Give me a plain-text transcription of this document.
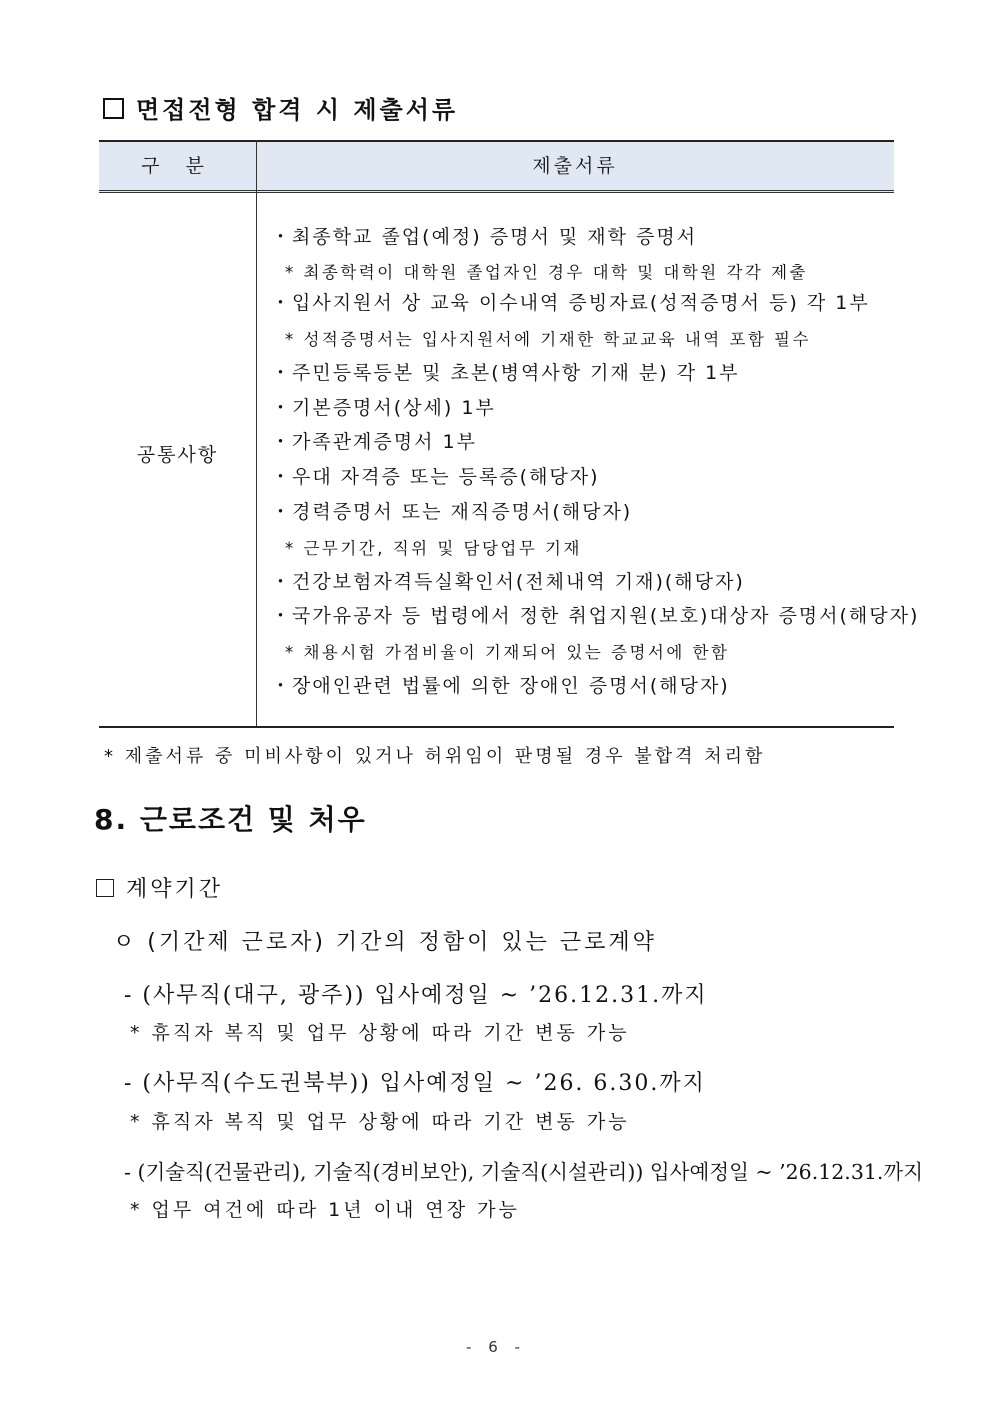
면접전형 합격 시 제출서류
구 분	제출서류
공통사항
・최종학교 졸업(예정) 증명서 및 재학 증명서
* 최종학력이 대학원 졸업자인 경우 대학 및 대학원 각각 제출
・입사지원서 상 교육 이수내역 증빙자료(성적증명서 등) 각 1부
* 성적증명서는 입사지원서에 기재한 학교교육 내역 포함 필수
・주민등록등본 및 초본(병역사항 기재 분) 각 1부
・기본증명서(상세) 1부
・가족관계증명서 1부
・우대 자격증 또는 등록증(해당자)
・경력증명서 또는 재직증명서(해당자)
* 근무기간, 직위 및 담당업무 기재
・건강보험자격득실확인서(전체내역 기재)(해당자)
・국가유공자 등 법령에서 정한 취업지원(보호)대상자 증명서(해당자)
* 채용시험 가점비율이 기재되어 있는 증명서에 한함
・장애인관련 법률에 의한 장애인 증명서(해당자)
* 제출서류 중 미비사항이 있거나 허위임이 판명될 경우 불합격 처리함
8. 근로조건 및 처우
계약기간
ㅇ (기간제 근로자) 기간의 정함이 있는 근로계약
- (사무직(대구, 광주)) 입사예정일 ~ ’26.12.31.까지
* 휴직자 복직 및 업무 상황에 따라 기간 변동 가능
- (사무직(수도권북부)) 입사예정일 ~ ’26. 6.30.까지
* 휴직자 복직 및 업무 상황에 따라 기간 변동 가능
- (기술직(건물관리), 기술직(경비보안), 기술직(시설관리)) 입사예정일 ~ ’26.12.31.까지
* 업무 여건에 따라 1년 이내 연장 가능
- 6 -
